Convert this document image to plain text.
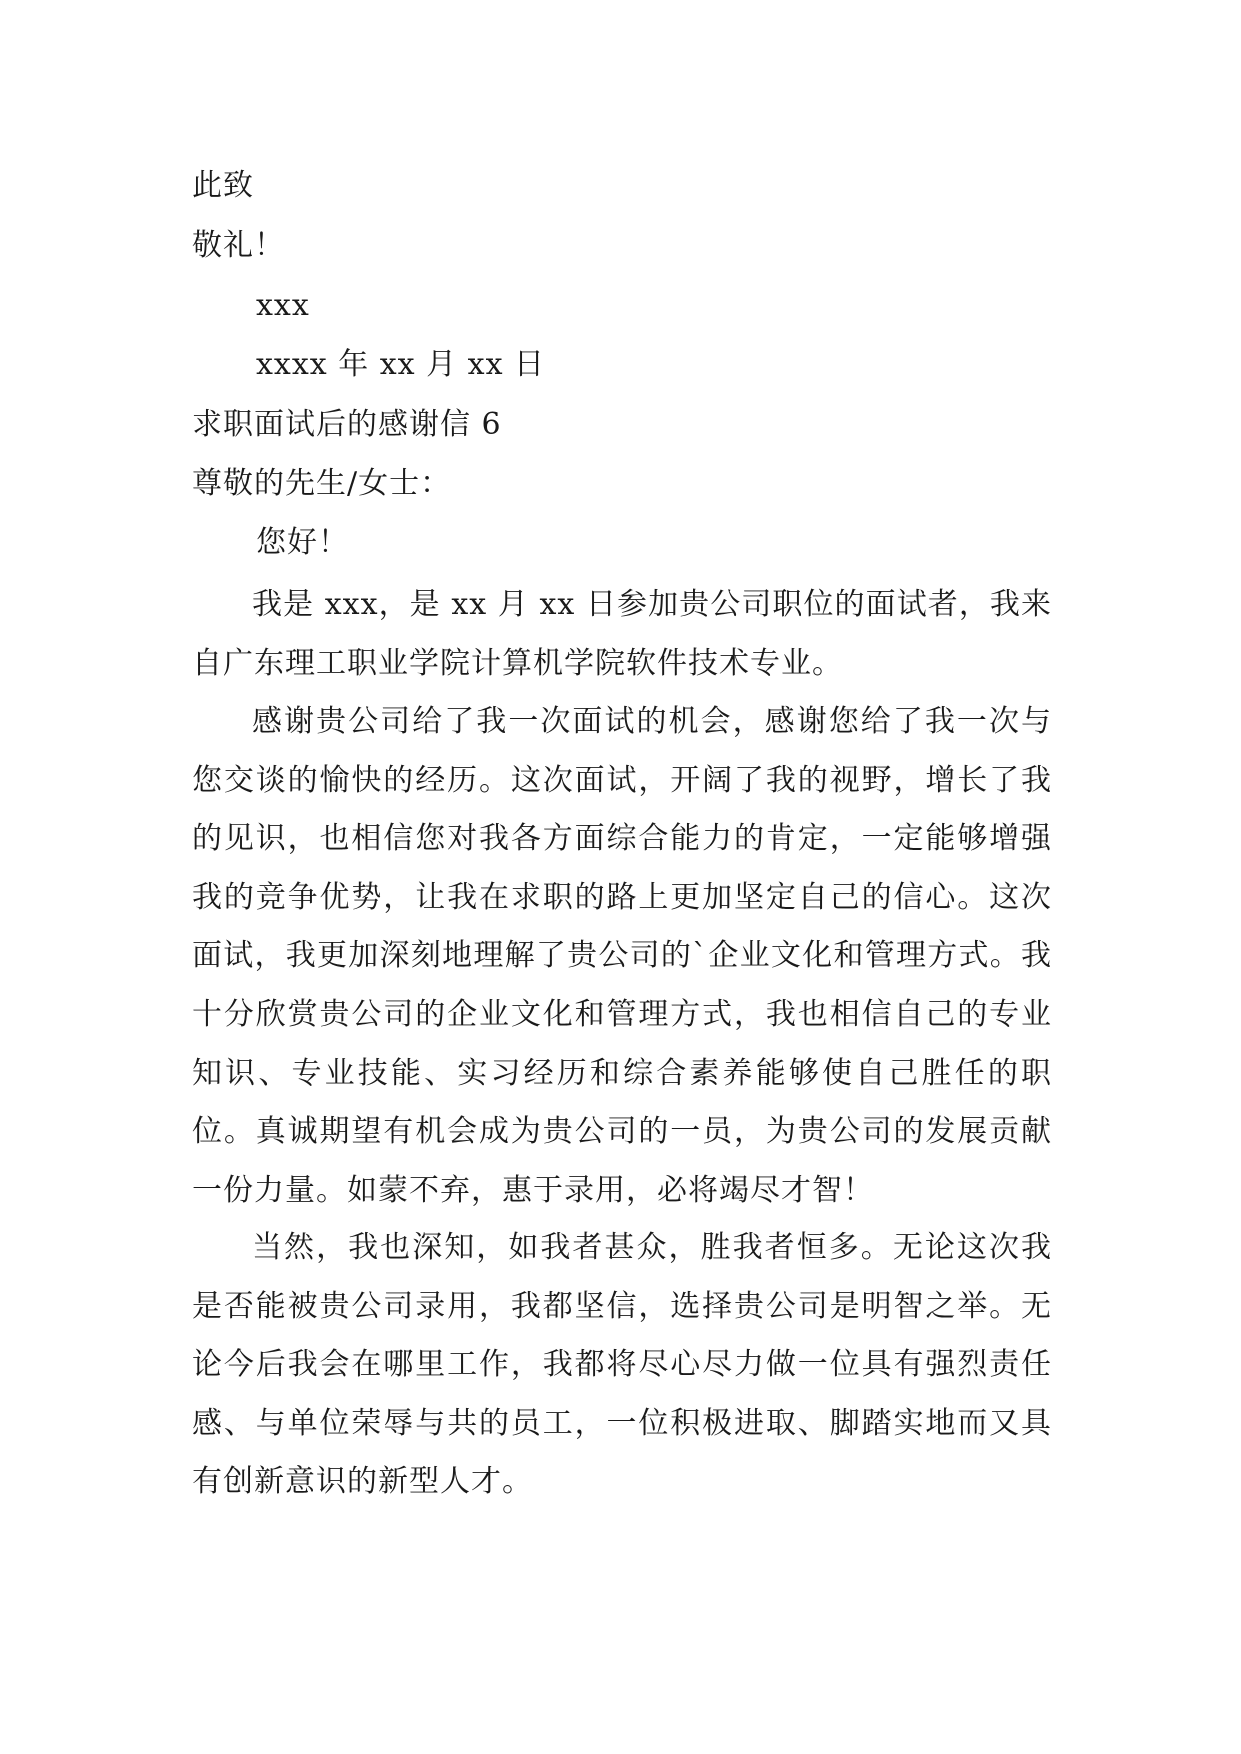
此致
敬礼！
xxx
xxxx 年 xx 月 xx 日
求职面试后的感谢信 6
尊敬的先生/女士：
您好！
我是 xxx，是 xx 月 xx 日参加贵公司职位的面试者，我来自广东理工职业学院计算机学院软件技术专业。
感谢贵公司给了我一次面试的机会，感谢您给了我一次与您交谈的愉快的经历。这次面试，开阔了我的视野，增长了我的见识，也相信您对我各方面综合能力的肯定，一定能够增强我的竞争优势，让我在求职的路上更加坚定自己的信心。这次面试，我更加深刻地理解了贵公司的`企业文化和管理方式。我十分欣赏贵公司的企业文化和管理方式，我也相信自己的专业知识、专业技能、实习经历和综合素养能够使自己胜任的职位。真诚期望有机会成为贵公司的一员，为贵公司的发展贡献一份力量。如蒙不弃，惠于录用，必将竭尽才智！
当然，我也深知，如我者甚众，胜我者恒多。无论这次我是否能被贵公司录用，我都坚信，选择贵公司是明智之举。无论今后我会在哪里工作，我都将尽心尽力做一位具有强烈责任感、与单位荣辱与共的员工，一位积极进取、脚踏实地而又具有创新意识的新型人才。
